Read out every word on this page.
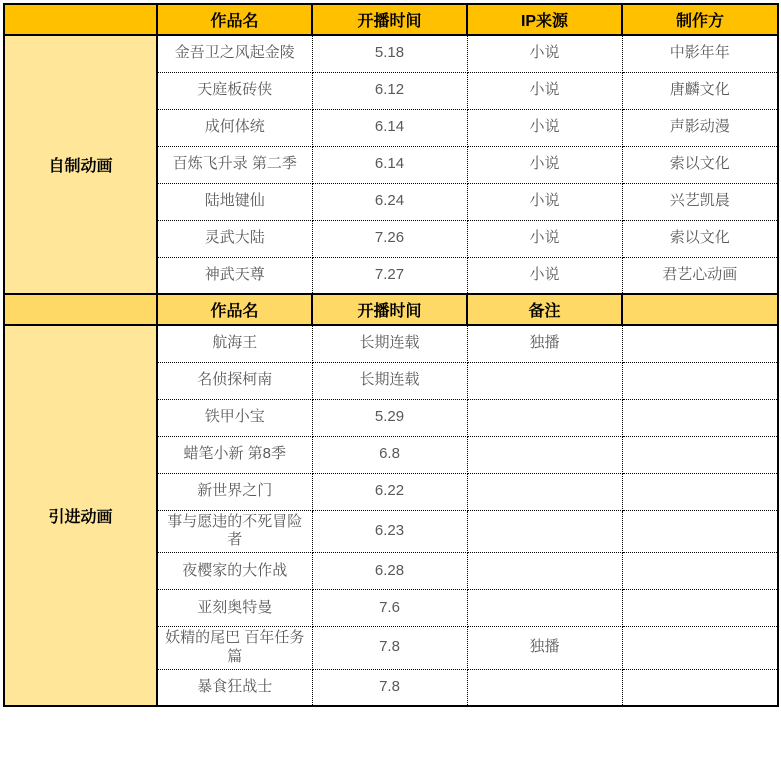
	作品名	开播时间	IP来源	制作方
自制动画	金吾卫之风起金陵	5.18	小说	中影年年
	天庭板砖侠	6.12	小说	唐麟文化
	成何体统	6.14	小说	声影动漫
	百炼飞升录 第二季	6.14	小说	索以文化
	陆地键仙	6.24	小说	兴艺凯晨
	灵武大陆	7.26	小说	索以文化
	神武天尊	7.27	小说	君艺心动画
	作品名	开播时间	备注	
引进动画	航海王	长期连载	独播	
	名侦探柯南	长期连载		
	铁甲小宝	5.29		
	蜡笔小新 第8季	6.8		
	新世界之门	6.22		
	事与愿违的不死冒险者	6.23		
	夜樱家的大作战	6.28		
	亚刻奥特曼	7.6		
	妖精的尾巴 百年任务篇	7.8	独播	
	暴食狂战士	7.8		
